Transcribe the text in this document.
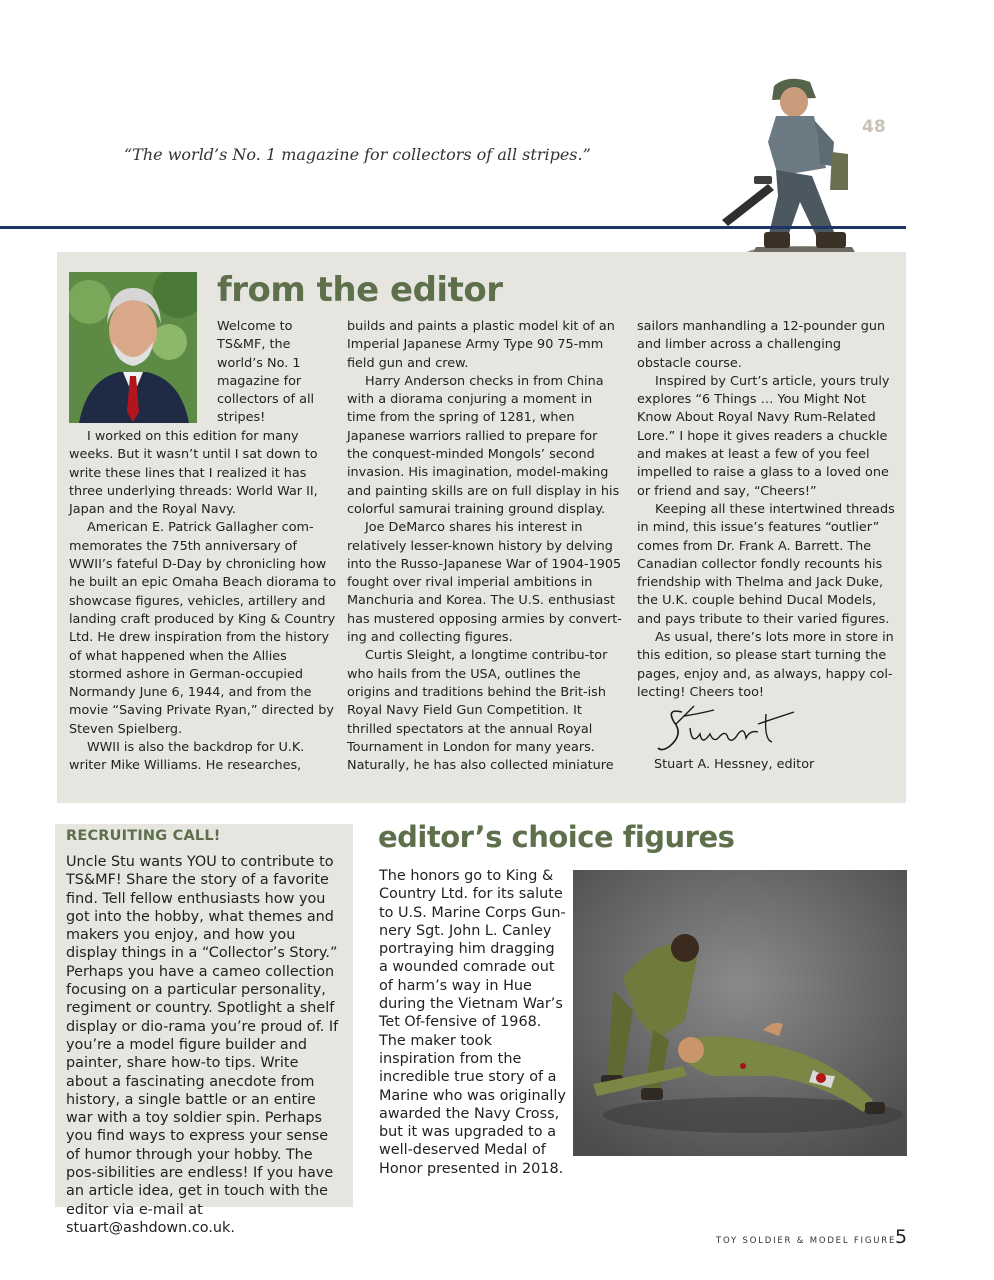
“The world’s No. 1 magazine for collectors of all stripes.”
48
from the editor

Welcome to TS&MF, the world’s No. 1 magazine for collectors of all stripes!

I worked on this edition for many weeks. But it wasn’t until I sat down to write these lines that I realized it has three underlying threads: World War II, Japan and the Royal Navy.

American E. Patrick Gallagher com-memorates the 75th anniversary of WWII’s fateful D-Day by chronicling how he built an epic Omaha Beach diorama to showcase figures, vehicles, artillery and landing craft produced by King & Country Ltd. He drew inspiration from the history of what happened when the Allies stormed ashore in German-occupied Normandy June 6, 1944, and from the movie “Saving Private Ryan,” directed by Steven Spielberg.

WWII is also the backdrop for U.K. writer Mike Williams. He researches,

builds and paints a plastic model kit of an Imperial Japanese Army Type 90 75-mm field gun and crew.

Harry Anderson checks in from China with a diorama conjuring a moment in time from the spring of 1281, when Japanese warriors rallied to prepare for the conquest-minded Mongols’ second invasion. His imagination, model-making and painting skills are on full display in his colorful samurai training ground display.

Joe DeMarco shares his interest in relatively lesser-known history by delving into the Russo-Japanese War of 1904-1905 fought over rival imperial ambitions in Manchuria and Korea. The U.S. enthusiast has mustered opposing armies by convert-ing and collecting figures.

Curtis Sleight, a longtime contribu-tor who hails from the USA, outlines the origins and traditions behind the Brit-ish Royal Navy Field Gun Competition. It thrilled spectators at the annual Royal Tournament in London for many years. Naturally, he has also collected miniature

sailors manhandling a 12-pounder gun and limber across a challenging obstacle course.

Inspired by Curt’s article, yours truly explores “6 Things … You Might Not Know About Royal Navy Rum-Related Lore.” I hope it gives readers a chuckle and makes at least a few of you feel impelled to raise a glass to a loved one or friend and say, “Cheers!”

Keeping all these intertwined threads in mind, this issue’s features “outlier” comes from Dr. Frank A. Barrett. The Canadian collector fondly recounts his friendship with Thelma and Jack Duke, the U.K. couple behind Ducal Models, and pays tribute to their varied figures.

As usual, there’s lots more in store in this edition, so please start turning the pages, enjoy and, as always, happy col-lecting! Cheers too!

Stuart A. Hessney, editor
RECRUITING CALL!
Uncle Stu wants YOU to contribute to TS&MF! Share the story of a favorite find. Tell fellow enthusiasts how you got into the hobby, what themes and makers you enjoy, and how you display things in a “Collector’s Story.” Perhaps you have a cameo collection focusing on a particular personality, regiment or country. Spotlight a shelf display or dio-rama you’re proud of. If you’re a model figure builder and painter, share how-to tips. Write about a fascinating anecdote from history, a single battle or an entire war with a toy soldier spin. Perhaps you find ways to express your sense of humor through your hobby. The pos-sibilities are endless! If you have an article idea, get in touch with the editor via e-mail at stuart@ashdown.co.uk.
editor’s choice figures
The honors go to King & Country Ltd. for its salute to U.S. Marine Corps Gun-nery Sgt. John L. Canley portraying him dragging a wounded comrade out of harm’s way in Hue during the Vietnam War’s Tet Of-fensive of 1968. The maker took inspiration from the incredible true story of a Marine who was originally awarded the Navy Cross, but it was upgraded to a well-deserved Medal of Honor presented in 2018.
TOY SOLDIER & MODEL FIGURE
5
